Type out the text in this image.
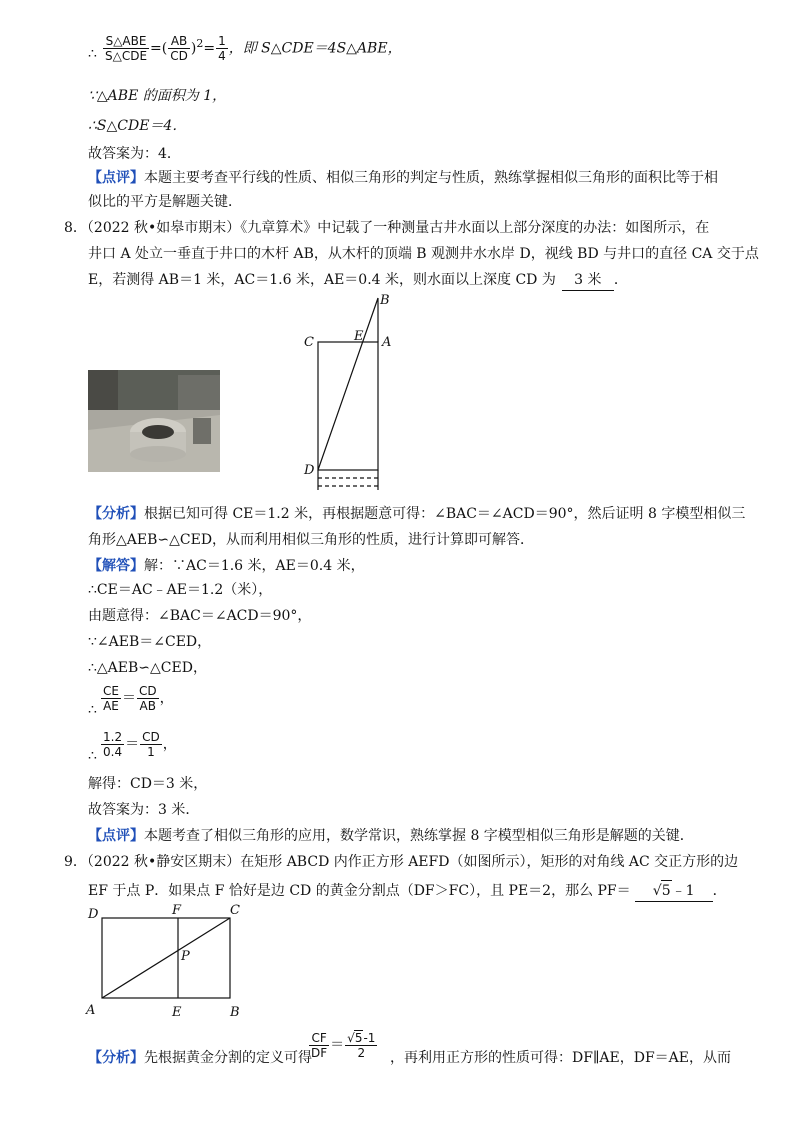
∴ $\frac{\text{S△ABE}}{\text{S△CDE}}$ =( $\frac{AB}{CD} )^2= \frac{1}{4}$ ，即 S△CDE＝4S△ABE，
∵△ABE 的面积为 1，
∴S△CDE＝4．
故答案为：4．
【点评】本题主要考查平行线的性质、相似三角形的判定与性质，熟练掌握相似三角形的面积比等于相
似比的平方是解题关键．
8．（2022 秋•如皋市期末）《九章算术》中记载了一种测量古井水面以上部分深度的办法：如图所示，在
井口 A 处立一垂直于井口的木杆 AB，从木杆的顶端 B 观测井水水岸 D，视线 BD 与井口的直径 CA 交于点
E，若测得 AB＝1 米，AC＝1.6 米，AE＝0.4 米，则水面以上深度 CD 为 3 米 ．
B
C	E A
D
【分析】根据已知可得 CE＝1.2 米，再根据题意可得：∠BAC＝∠ACD＝90°，然后证明 8 字模型相似三
角形△AEB∽△CED，从而利用相似三角形的性质，进行计算即可解答．
【解答】解：∵AC＝1.6 米，AE＝0.4 米，
∴CE＝AC﹣AE＝1.2（米），
由题意得：∠BAC＝∠ACD＝90°，
∵∠AEB＝∠CED，
∴△AEB∽△CED，
∴ $\frac{CE}{AE} = \frac{CD}{AB}$ ，
∴ $\frac{1.2}{0.4} = \frac{CD}{1}$ ，
解得：CD＝3 米，
故答案为：3 米．
【点评】本题考查了相似三角形的应用，数学常识，熟练掌握 8 字模型相似三角形是解题的关键．
9．（2022 秋•静安区期末）在矩形 ABCD 内作正方形 AEFD（如图所示），矩形的对角线 AC 交正方形的边
EF 于点 P．如果点 F 恰好是边 CD 的黄金分割点（DF＞FC），且 PE＝2，那么 PF＝ √5﹣1 ．
D	F	C
P
A	E	B
【分析】先根据黄金分割的定义可得
$\frac{CF}{DF} = \frac{√5-1}{2}$ ，再利用正方形的性质可得：DF∥AE，DF＝AE，从而
